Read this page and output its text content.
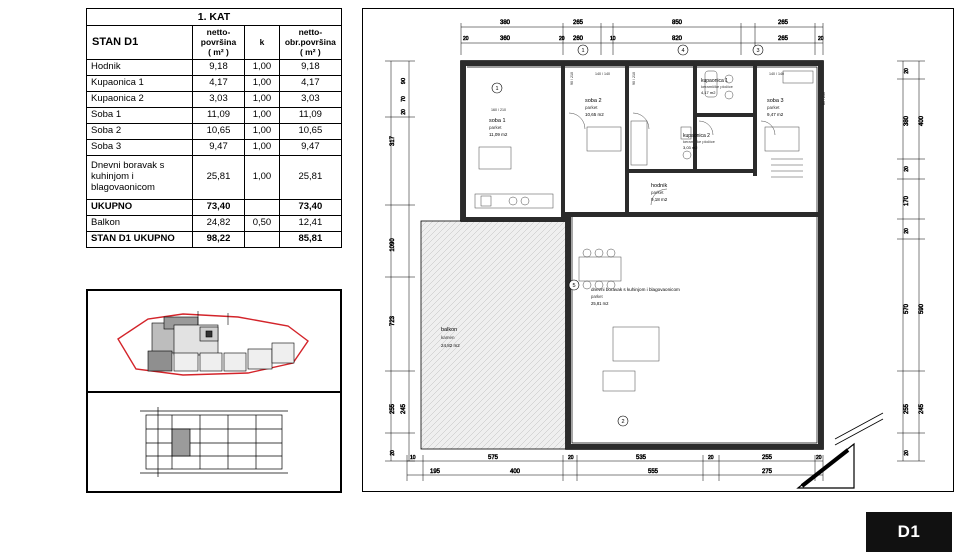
1. KAT			
STAN D1	netto-
površina
( m² )	k	netto-
obr.površina
( m² )
Hodnik	9,18	1,00	9,18
Kupaonica 1	4,17	1,00	4,17
Kupaonica 2	3,03	1,00	3,03
Soba 1	11,09	1,00	11,09
Soba 2	10,65	1,00	10,65
Soba 3	9,47	1,00	9,47
Dnevni boravak s kuhinjom i blagovaonicom	25,81	1,00	25,81
UKUPNO	73,40		73,40
Balkon	24,82	0,50	12,41
STAN D1 UKUPNO	98,22		85,81
380	265	850	265
360	260	820	265
20	20	10	20
1	4	3
90
70
20
317
1090
723
255 245
20
20
380 400
20
170
20
570 590
255 245
20
10	575	20	535	20	255	20
195	400	555	275
balkon
kamen
24,82 m2
soba 1
parket
11,09 m2
soba 2
parket
10,65 m2
soba 3
parket
9,47 m2
kupaonica 1
keramičke pločice
4,17 m2
kupaonica 2
keramičke pločice
3,03 m2
hodnik
parket
9,18 m2
dnevni boravak s kuhinjom i blagovaonicom
parket
25,81 m2
1
5
2
90 / 210	90 / 210
140 / 140	140 / 140
160 / 210
80 / 210
D1
